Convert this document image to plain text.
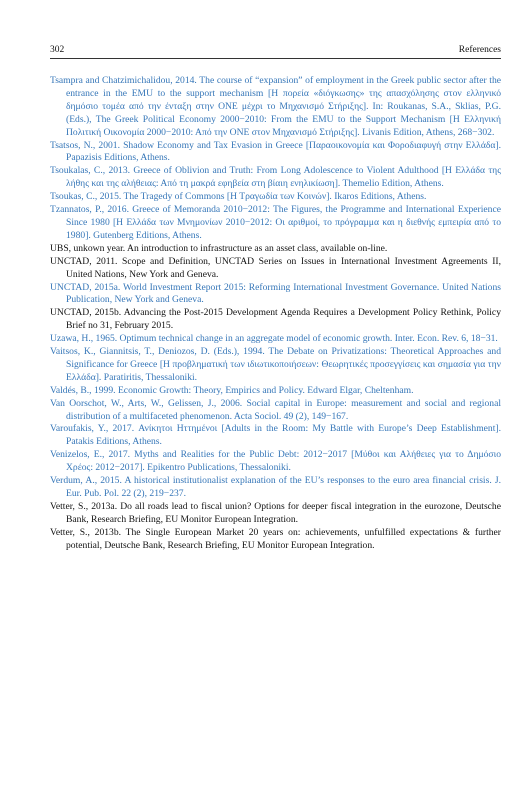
302	References

Tsampra and Chatzimichalidou, 2014. The course of “expansion” of employment in the Greek public sector after the entrance in the EMU to the support mechanism [Η πορεία «διόγκωσης» της απασχόλησης στον ελληνικό δημόσιο τομέα από την ένταξη στην ΟΝΕ μέχρι το Μηχανισμό Στήριξης]. In: Roukanas, S.A., Sklias, P.G. (Eds.), The Greek Political Economy 2000−2010: From the EMU to the Support Mechanism [Η Ελληνική Πολιτική Οικονομία 2000−2010: Από την ΟΝΕ στον Μηχανισμό Στήριξης]. Livanis Edition, Athens, 268−302.

Tsatsos, N., 2001. Shadow Economy and Tax Evasion in Greece [Παραοικονομία και Φοροδιαφυγή στην Ελλάδα]. Papazisis Editions, Athens.

Tsoukalas, C., 2013. Greece of Oblivion and Truth: From Long Adolescence to Violent Adulthood [Η Ελλάδα της λήθης και της αλήθειας: Από τη μακρά εφηβεία στη βίαιη ενηλικίωση]. Themelio Edition, Athens.

Tsoukas, C., 2015. The Tragedy of Commons [Η Τραγωδία των Κοινών]. Ikaros Editions, Athens.

Tzannatos, P., 2016. Greece of Memoranda 2010−2012: The Figures, the Programme and International Experience Since 1980 [Η Ελλάδα των Μνημονίων 2010−2012: Οι αριθμοί, το πρόγραμμα και η διεθνής εμπειρία από το 1980]. Gutenberg Editions, Athens.

UBS, unkown year. An introduction to infrastructure as an asset class, available on-line.

UNCTAD, 2011. Scope and Definition, UNCTAD Series on Issues in International Investment Agreements II, United Nations, New York and Geneva.

UNCTAD, 2015a. World Investment Report 2015: Reforming International Investment Governance. United Nations Publication, New York and Geneva.

UNCTAD, 2015b. Advancing the Post-2015 Development Agenda Requires a Development Policy Rethink, Policy Brief no 31, February 2015.

Uzawa, H., 1965. Optimum technical change in an aggregate model of economic growth. Inter. Econ. Rev. 6, 18−31.

Vaitsos, K., Giannitsis, T., Deniozos, D. (Eds.), 1994. The Debate on Privatizations: Theoretical Approaches and Significance for Greece [Η προβληματική των ιδιωτικοποιήσεων: Θεωρητικές προσεγγίσεις και σημασία για την Ελλάδα]. Paratiritis, Thessaloniki.

Valdés, B., 1999. Economic Growth: Theory, Empirics and Policy. Edward Elgar, Cheltenham.

Van Oorschot, W., Arts, W., Gelissen, J., 2006. Social capital in Europe: measurement and social and regional distribution of a multifaceted phenomenon. Acta Sociol. 49 (2), 149−167.

Varoufakis, Y., 2017. Ανίκητοι Ηττημένοι [Adults in the Room: My Battle with Europe’s Deep Establishment]. Patakis Editions, Athens.

Venizelos, E., 2017. Myths and Realities for the Public Debt: 2012−2017 [Μύθοι και Αλήθειες για το Δημόσιο Χρέος: 2012−2017]. Epikentro Publications, Thessaloniki.

Verdum, A., 2015. A historical institutionalist explanation of the EU’s responses to the euro area financial crisis. J. Eur. Pub. Pol. 22 (2), 219−237.

Vetter, S., 2013a. Do all roads lead to fiscal union? Options for deeper fiscal integration in the eurozone, Deutsche Bank, Research Briefing, EU Monitor European Integration.

Vetter, S., 2013b. The Single European Market 20 years on: achievements, unfulfilled expectations & further potential, Deutsche Bank, Research Briefing, EU Monitor European Integration.
